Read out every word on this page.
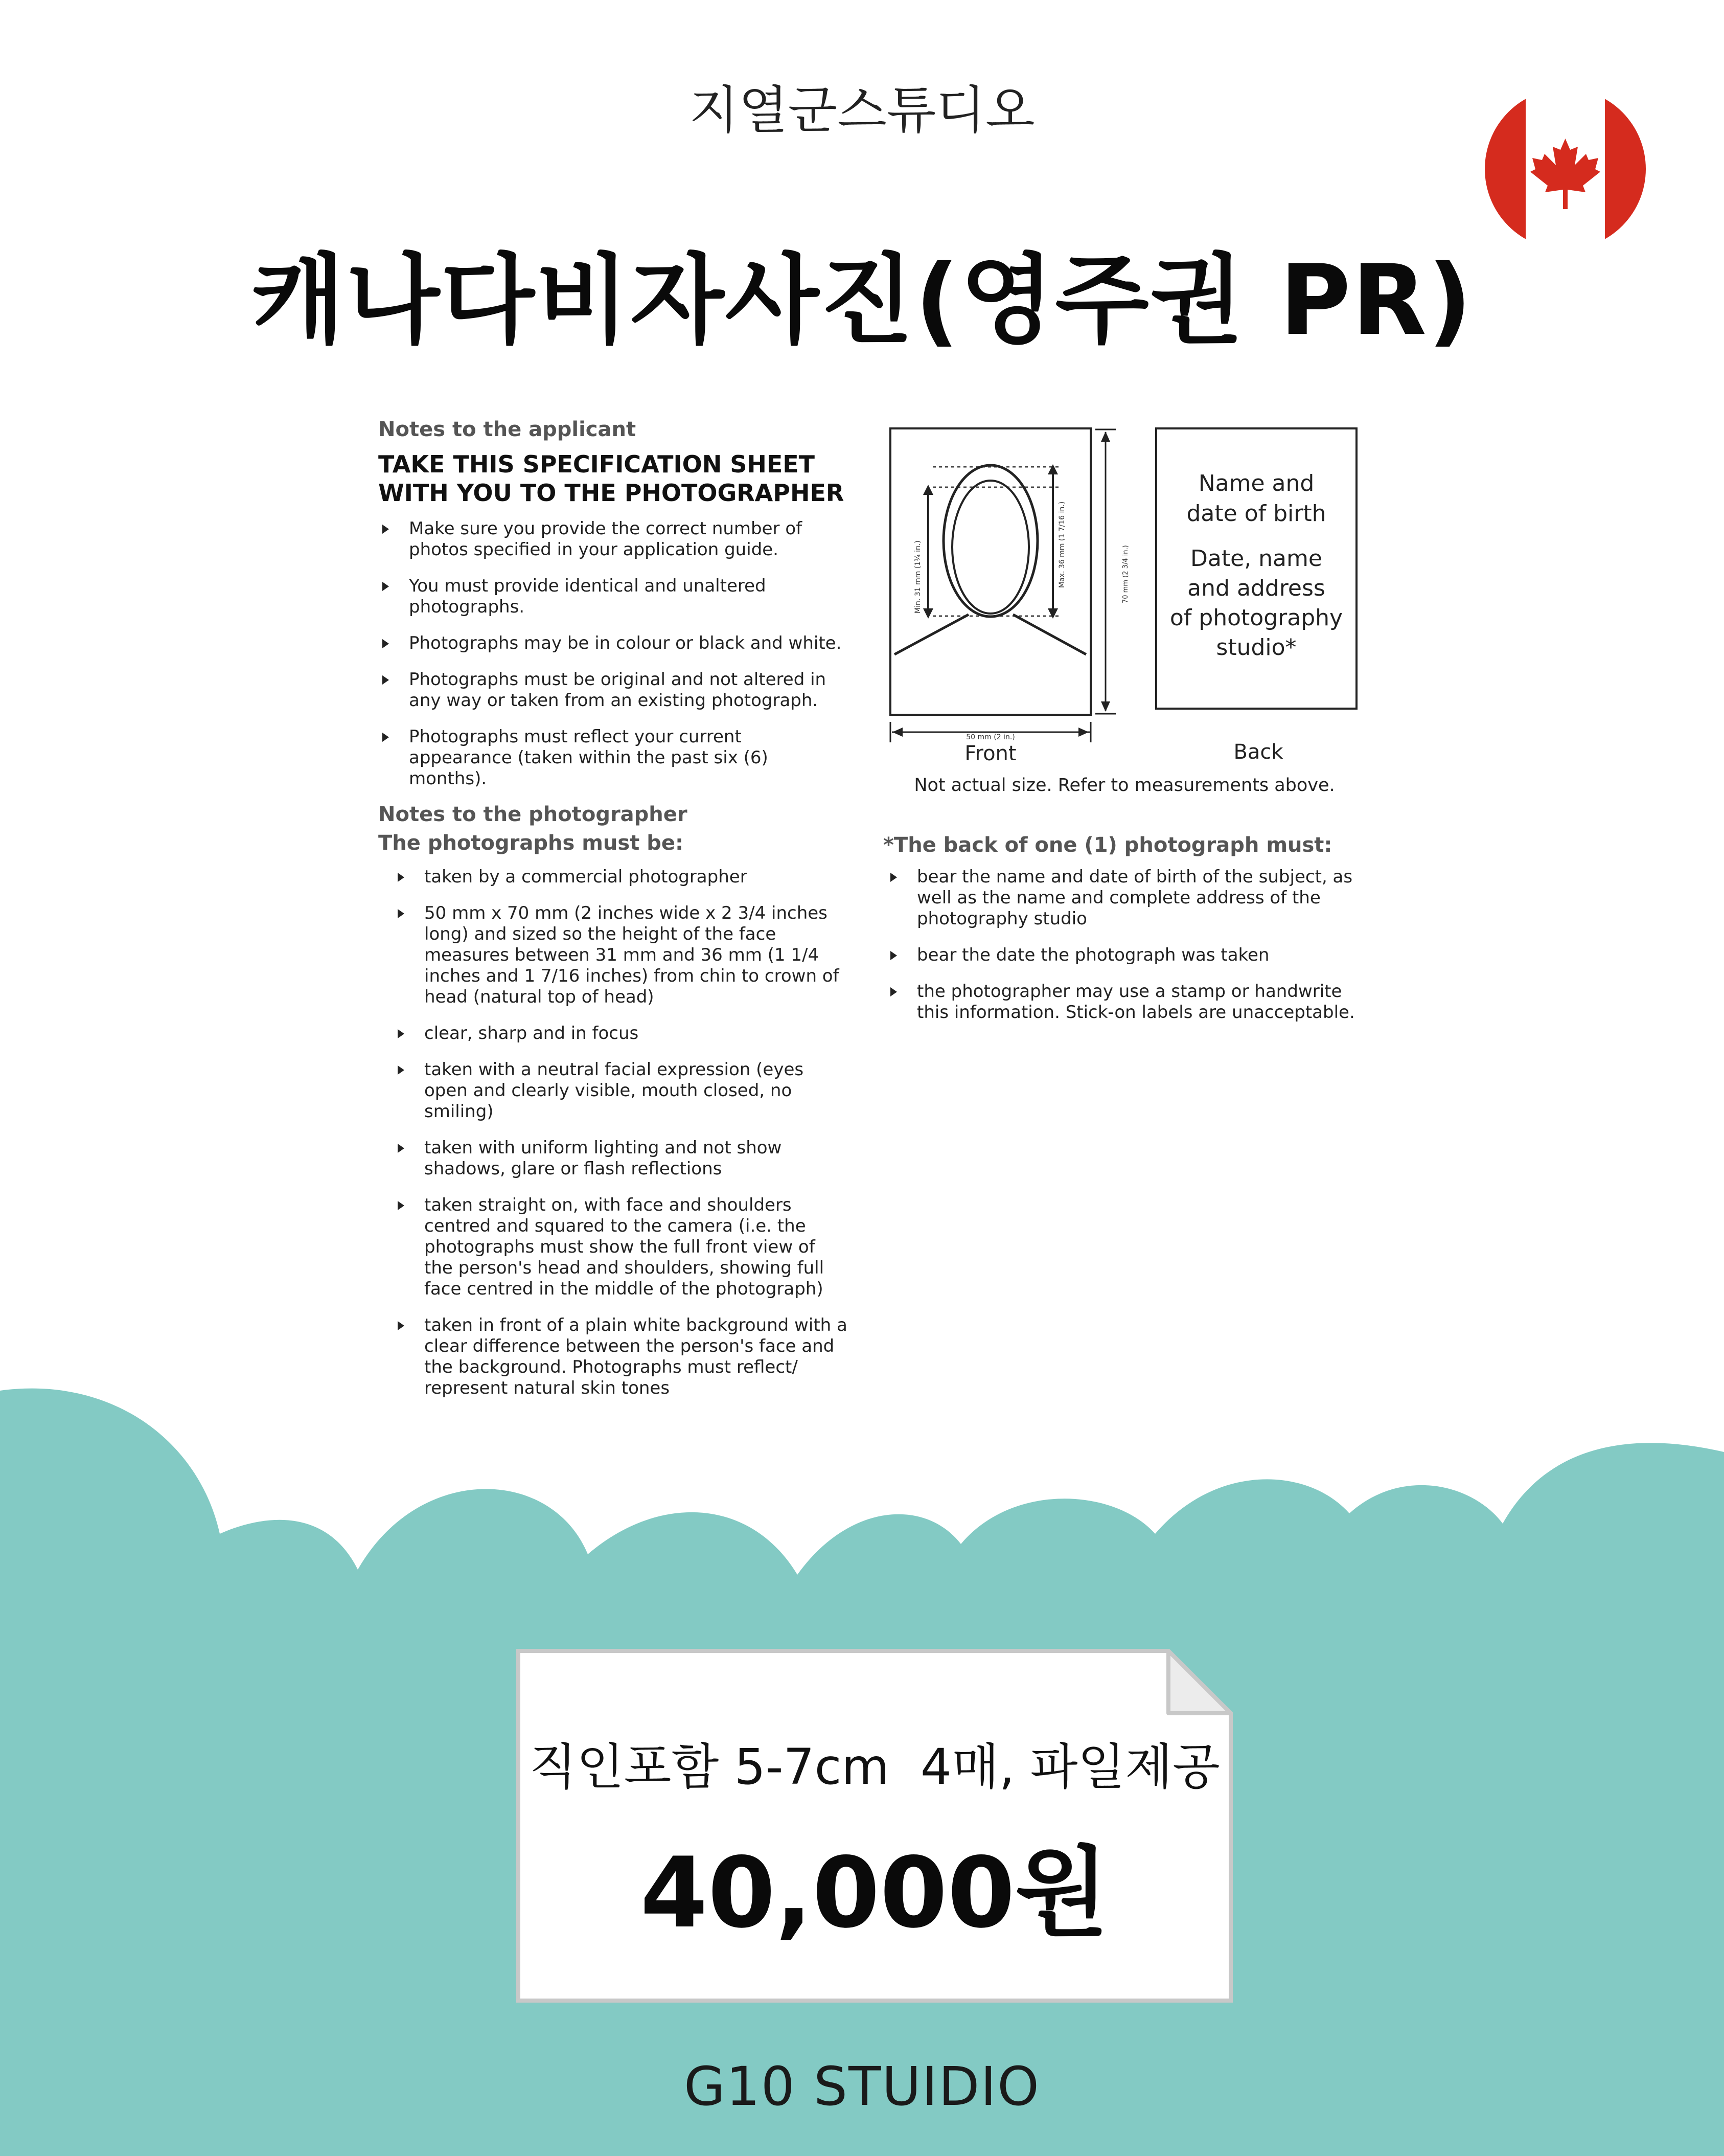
지열군스튜디오
캐나다비자사진(영주권 PR)
Notes to the applicant
TAKE THIS SPECIFICATION SHEET
WITH YOU TO THE PHOTOGRAPHER
Make sure you provide the correct number of photos specified in your application guide.
You must provide identical and unaltered photographs.
Photographs may be in colour or black and white.
Photographs must be original and not altered in any way or taken from an existing photograph.
Photographs must reflect your current appearance (taken within the past six (6) months).
Notes to the photographer
The photographs must be:
taken by a commercial photographer
50 mm x 70 mm (2 inches wide x 2 3/4 inches long) and sized so the height of the face measures between 31 mm and 36 mm (1 1/4 inches and 1 7/16 inches) from chin to crown of head (natural top of head)
clear, sharp and in focus
taken with a neutral facial expression (eyes open and clearly visible, mouth closed, no smiling)
taken with uniform lighting and not show shadows, glare or flash reflections
taken straight on, with face and shoulders centred and squared to the camera (i.e. the photographs must show the full front view of the person's head and shoulders, showing full face centred in the middle of the photograph)
taken in front of a plain white background with a clear difference between the person's face and the background. Photographs must reflect/ represent natural skin tones
Min. 31 mm (1¼ in.)	Max. 36 mm (1 7/16 in.)	70 mm (2 3/4 in.)
50 mm (2 in.)
Front
Name and
date of birth
Date, name
and address
of photography
studio*
Back
Not actual size. Refer to measurements above.
*The back of one (1) photograph must:
bear the name and date of birth of the subject, as well as the name and complete address of the photography studio
bear the date the photograph was taken
the photographer may use a stamp or handwrite this information. Stick-on labels are unacceptable.
직인포함 5-7cm  4매, 파일제공
40,000원
G10 STUIDIO
